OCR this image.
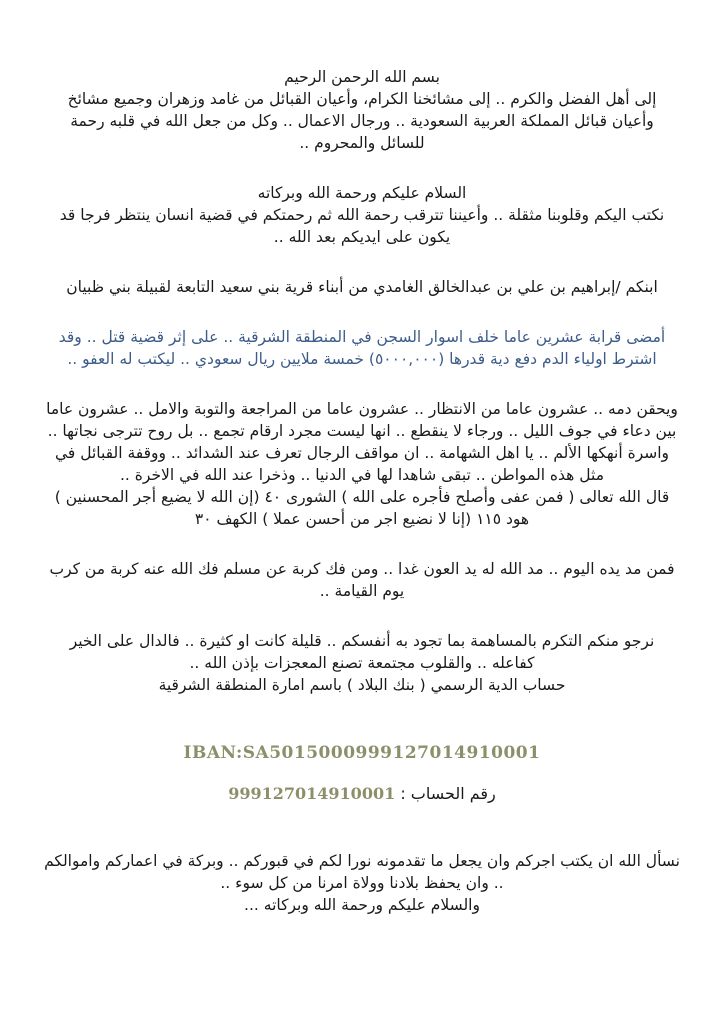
بسم الله الرحمن الرحيم

إلى أهل الفضل والكرم .. إلى مشائخنا الكرام، وأعيان القبائل من غامد وزهران وجميع مشائخ

وأعيان قبائل المملكة العربية السعودية .. ورجال الاعمال .. وكل من جعل الله في قلبه رحمة

للسائل والمحروم ..

السلام عليكم ورحمة الله وبركاته

نكتب اليكم وقلوبنا مثقلة .. وأعيننا تترقب رحمة الله ثم رحمتكم في قضية انسان ينتظر فرجا قد

يكون على ايديكم بعد الله ..

ابنكم /إبراهيم بن علي بن عبدالخالق الغامدي من أبناء قرية بني سعيد التابعة لقبيلة بني ظبيان

أمضى قرابة عشرين عاما خلف اسوار السجن في المنطقة الشرقية .. على إثر قضية قتل .. وقد

اشترط اولياء الدم دفع دية قدرها (٥٠٠٠,٠٠٠) خمسة ملايين ريال سعودي .. ليكتب له العفو ..

ويحقن دمه .. عشرون عاما من الانتظار .. عشرون عاما من المراجعة والتوبة والامل .. عشرون عاما

بين دعاء في جوف الليل .. ورجاء لا ينقطع .. انها ليست مجرد ارقام تجمع .. بل روح تترجى نجاتها ..

واسرة أنهكها الألم .. يا اهل الشهامة .. ان مواقف الرجال تعرف عند الشدائد .. ووقفة القبائل في

مثل هذه المواطن .. تبقى شاهدا لها في الدنيا .. وذخرا عند الله في الاخرة ..

قال الله تعالى ( فمن عفى وأصلح فأجره على الله ) الشورى ٤٠ (إن الله لا يضيع أجر المحسنين )

هود ١١٥ (إنا لا نضيع اجر من أحسن عملا ) الكهف ٣٠

فمن مد يده اليوم .. مد الله له يد العون غدا .. ومن فك كربة عن مسلم فك الله عنه كربة من كرب

يوم القيامة ..

نرجو منكم التكرم بالمساهمة بما تجود به أنفسكم .. قليلة كانت او كثيرة .. فالدال على الخير

كفاعله .. والقلوب مجتمعة تصنع المعجزات بإذن الله ..

حساب الدية الرسمي ( بنك البلاد ) باسم امارة المنطقة الشرقية

IBAN:SA5015000999127014910001

رقم الحساب : 999127014910001

نسأل الله ان يكتب اجركم وان يجعل ما تقدمونه نورا لكم في قبوركم .. وبركة في اعماركم واموالكم

.. وان يحفظ بلادنا وولاة امرنا من كل سوء ..

والسلام عليكم ورحمة الله وبركاته ...
